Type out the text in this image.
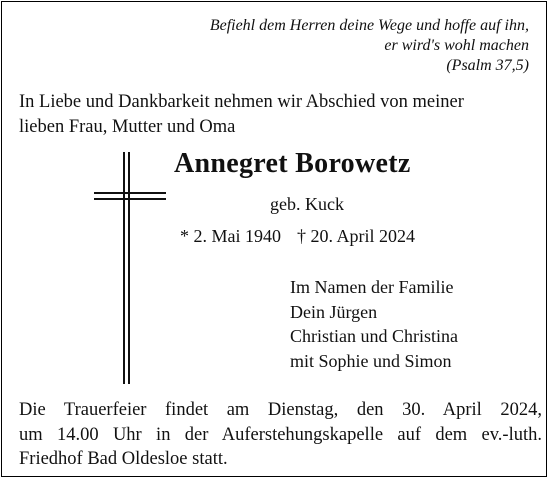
Befiehl dem Herren deine Wege und hoffe auf ihn,
er wird's wohl machen
(Psalm 37,5)
In Liebe und Dankbarkeit nehmen wir Abschied von meiner
lieben Frau, Mutter und Oma
Annegret Borowetz
geb. Kuck
* 2. Mai 1940 † 20. April 2024
Im Namen der Familie
Dein Jürgen
Christian und Christina
mit Sophie und Simon
Die Trauerfeier findet am Dienstag, den 30. April 2024,
um 14.00 Uhr in der Auferstehungskapelle auf dem ev.-luth.
Friedhof Bad Oldesloe statt.
